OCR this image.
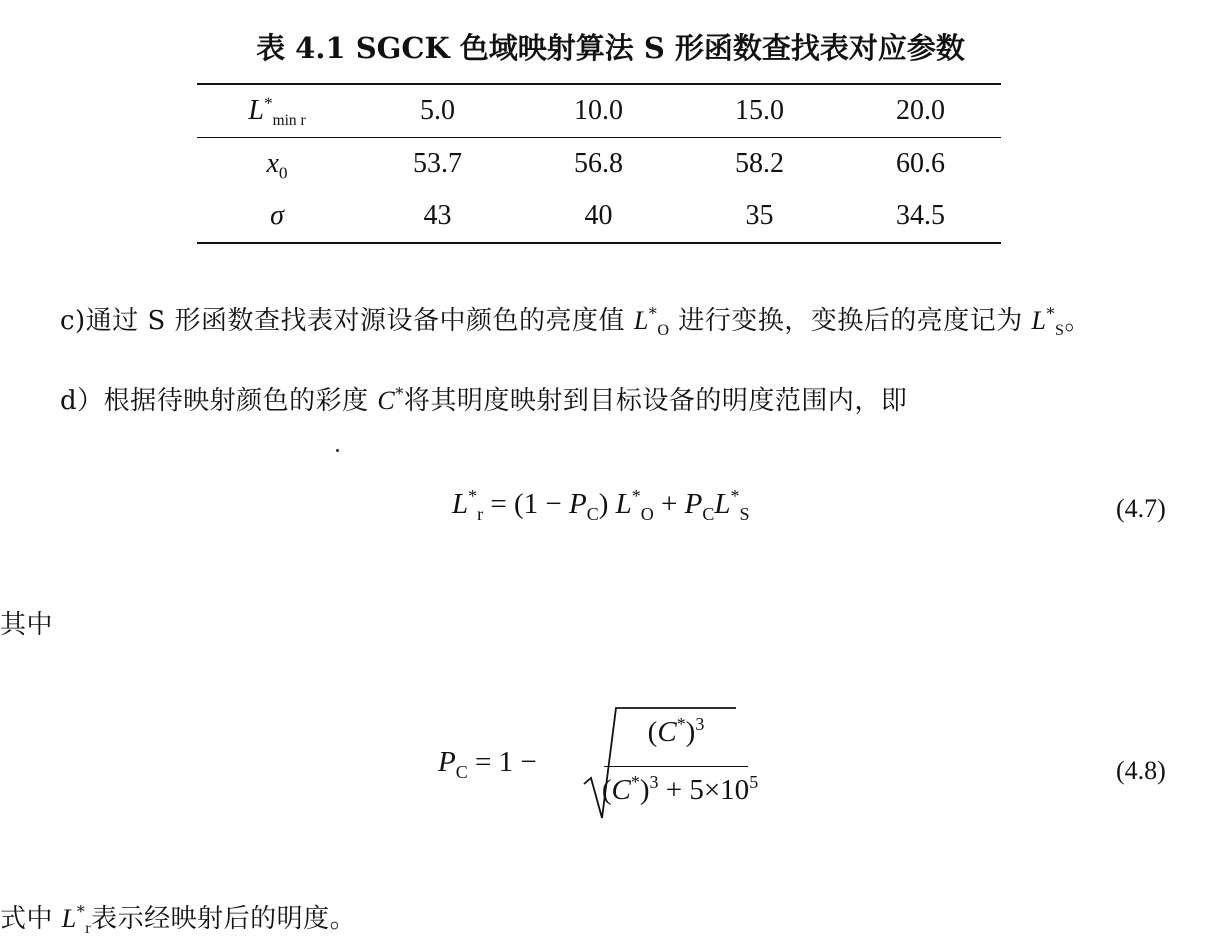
表 4.1 SGCK 色域映射算法 S 形函数查找表对应参数
$L^*_{min r}$	5.0	10.0	15.0	20.0
$x_0$	53.7	56.8	58.2	60.6
σ	43	40	35	34.5
c)通过 S 形函数查找表对源设备中颜色的亮度值 $L^*_O$ 进行变换，变换后的亮度记为 $L^*_S$。
d）根据待映射颜色的彩度 C*将其明度映射到目标设备的明度范围内，即
$L^*_r = (1 - P_C) L^*_O + P_CL^*_S$	(4.7)
其中
$P_C = 1$ −
$(C^*)^3$
$(C^*)^3 + 5\times 10^5$	(4.8)
式中 $L^*_r$表示经映射后的明度。
